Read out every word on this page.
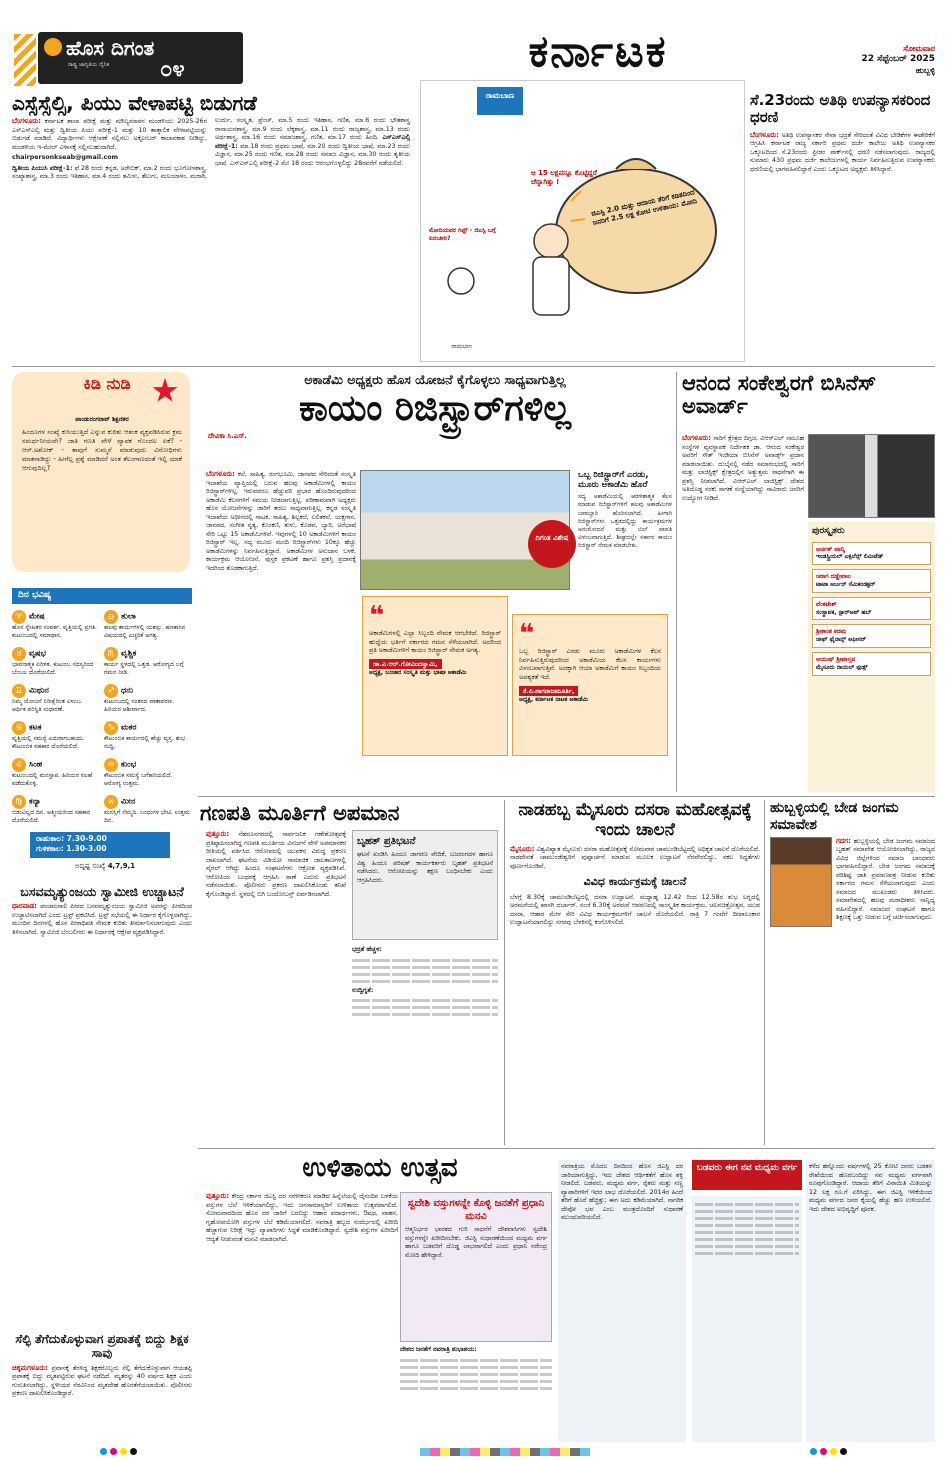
ಹೊಸ ದಿಗಂತ
ರಾಷ್ಟ್ರ ಜಾಗೃತಿಯ ದೈನಿಕ ೦೪	ಕರ್ನಾಟಕ	ಸೋಮವಾರ
22 ಸೆಪ್ಟೆಂಬರ್ 2025
ಹುಬ್ಬಳ್ಳಿ
ಎಸ್ಸೆಸ್ಸೆಲ್ಸಿ, ಪಿಯು ವೇಳಾಪಟ್ಟಿ ಬಿಡುಗಡೆ
ಬೆಂಗಳೂರು: ಕರ್ನಾಟಕ ಶಾಲಾ ಪರೀಕ್ಷೆ ಮತ್ತು ಮೌಲ್ಯಮಾಪನ ಮಂಡಳಿಯು 2025-26ರ ಎಸ್ಎಸ್ಎಲ್ಸಿ ಮತ್ತು ದ್ವಿತೀಯ ಪಿಯು ಪರೀಕ್ಷೆ-1 ಮತ್ತು 10 ತಾತ್ಕಾಲಿಕ ವೇಳಾಪಟ್ಟಿಯನ್ನು ಬಿಡುಗಡೆ ಮಾಡಿದೆ. ವಿದ್ಯಾರ್ಥಿಗಳು ಆಕ್ಷೇಪಣೆ ಸಲ್ಲಿಸಲು ಅಕ್ಟೋಬರ್ ಕಾಲಾವಕಾಶ ನೀಡಿದ್ದು, ಮಂಡಳಿಯ ಇ-ಮೇಲ್ ವಿಳಾಸಕ್ಕೆ ಸಲ್ಲಿಸಬಹುದಾಗಿದೆ.
chairpersonkseab@gmail.com
ದ್ವಿತೀಯ ಪಿಯುಸಿ ಪರೀಕ್ಷೆ-1: ಫೆ.28 ರಂದು ಕನ್ನಡ, ಅರೇಬಿಕ್, ಮಾ.2 ರಂದು ಭೂಗೋಳಶಾಸ್ತ್ರ, ಸಂಖ್ಯಾಶಾಸ್ತ್ರ, ಮಾ.3 ರಂದು ಇತಿಹಾಸ, ಮಾ.4 ರಂದು ತಮಿಳು, ತೆಲುಗು, ಮಲಯಾಳಂ, ಮರಾಠಿ, ಉರ್ದು, ಸಂಸ್ಕೃತ, ಫ್ರೆಂಚ್, ಮಾ.5 ರಂದು ಇತಿಹಾಸ, ಗಣಿತ, ಮಾ.6 ರಂದು ಭೌತಶಾಸ್ತ್ರ ರಾಸಾಯನಶಾಸ್ತ್ರ, ಮಾ.9 ರಂದು ಲೆಕ್ಕಶಾಸ್ತ್ರ, ಮಾ.11 ರಂದು ರಾಜ್ಯಶಾಸ್ತ್ರ, ಮಾ.13 ರಂದು ಅರ್ಥಶಾಸ್ತ್ರ, ಮಾ.16 ರಂದು ಸಮಾಜಶಾಸ್ತ್ರ, ಗಣಿತ, ಮಾ.17 ರಂದು ಹಿಂದಿ. ಎಸ್ಎಸ್ಎಲ್ಸಿ ಪರೀಕ್ಷೆ-1: ಮಾ.18 ರಂದು ಪ್ರಥಮ ಭಾಷೆ, ಮಾ.20 ರಂದು ದ್ವಿತೀಯ ಭಾಷೆ, ಮಾ.23 ರಂದು ವಿಜ್ಞಾನ, ಮಾ.25 ರಂದು ಗಣಿತ, ಮಾ.28 ರಂದು ಸಮಾಜ ವಿಜ್ಞಾನ, ಮಾ.30 ರಂದು ತೃತೀಯ ಭಾಷೆ. ಎಸ್ಎಸ್ಎಲ್ಸಿ ಪರೀಕ್ಷೆ-2 ಮೇ 18 ರಂದು ಆರಂಭಗೊಳ್ಳಲಿದ್ದು 28ರವರೆಗೆ ನಡೆಯಲಿದೆ.
ರಾಮಬಾಣ
ಜಿಎಸ್ಟಿ 2.0 ಮತ್ತು ಆದಾಯ ತೆರಿಗೆ ಕಡಿತದಿಂದ ಜನರಿಗೆ 2.5 ಲಕ್ಷ ಕೋಟಿ ಉಳಿತಾಯ: ಮೋದಿ
ಆ 15 ಲಕ್ಷವನ್ನೂ ಕೊಟ್ಟಿದ್ದರೆ ಚೆನ್ನಾಗಿತ್ತು !
ಮೋದಿಯವರ ಗಿಫ್ಟ್ - ಜಿಎಸ್ಟಿ ಬಗ್ಗೆ ಏನಂತೀರಿ?
ರಾಮಬಾಣ
ಸೆ.23ರಂದು ಅತಿಥಿ ಉಪನ್ಯಾಸಕರಿಂದ ಧರಣಿ
ಬೆಂಗಳೂರು: ಅತಿಥಿ ಉಪನ್ಯಾಸಕರ ಸೇವಾ ಭದ್ರತೆ ಸೇರಿದಂತೆ ವಿವಿಧ ಬೇಡಿಕೆಗಳ ಈಡೇರಿಕೆಗೆ ಆಗ್ರಹಿಸಿ ಕರ್ನಾಟಕ ರಾಜ್ಯ ಸರ್ಕಾರಿ ಪ್ರಥಮ ದರ್ಜೆ ಕಾಲೇಜು ಅತಿಥಿ ಉಪನ್ಯಾಸಕರ ಒಕ್ಕೂಟದಿಂದ ಸೆ.23ರಂದು ಫ್ರೀಡಂ ಪಾರ್ಕ್‌ನಲ್ಲಿ ಧರಣಿ ನಡೆಸಲಾಗುವುದು. ರಾಜ್ಯದಲ್ಲಿ ಸುಮಾರು 430 ಪ್ರಥಮ ದರ್ಜೆ ಕಾಲೇಜುಗಳಲ್ಲಿ ಕಾರ್ಯ ನಿರ್ವಹಿಸುತ್ತಿರುವ ಉಪನ್ಯಾಸಕರು ಧರಣಿಯಲ್ಲಿ ಭಾಗವಹಿಸಲಿದ್ದಾರೆ ಎಂದು ಒಕ್ಕೂಟದ ಅಧ್ಯಕ್ಷರು ತಿಳಿಸಿದ್ದಾರೆ.
ಕಿಡಿ ನುಡಿ
ಪಾಂಡುರಂಗರಾವ್ ಶಿಕ್ಷಣಿಕರ
ಹಿಂದೂಗಳ ಸಂಖ್ಯೆ ಕುಸಿಯುತ್ತಿದೆ ಎನ್ನುವ ಕುರಿತು ಆತಂಕ ವ್ಯಕ್ತಪಡಿಸಿರುವ ಕ್ರಮ ಸಮರ್ಥನೀಯವೇ? ಜಾತಿ ಗಣತಿ ವೇಳೆ ವ್ಯಾಪಕ ಗೊಂದಲ ಏಕೆ? - ಆರ್.ಅಶೋಕ್ - ತಾವುಗೆ ಸುಮ್ಮನೆ ಮಾಡುವುದು ವಿರೋಧಿಗಳು ಮಾತನಾಡಿದ್ದು - ಹೀಗೆಲ್ಲ ಪ್ರಶ್ನೆ ಮಾಡಿದರೆ ಅಂತ ತೆಲಂಗಾಣದಂತೆ ಇಲ್ಲಿ ಯಾಕೆ ಆಗುವುದಿಲ್ಲ?
ದಿನ ಭವಿಷ್ಯ
♈ ಮೇಷ
ಹೊಸ ಸ್ನೇಹಿತರ ಸಂಪರ್ಕ. ವೃತ್ತಿಯಲ್ಲಿ ಪ್ರಗತಿ. ಕುಟುಂಬದಲ್ಲಿ ಸಮಾಧಾನ.
♎ ತುಲಾ
ಹಲವು ಕಾರ್ಯಗಳಲ್ಲಿ ಯಶಸ್ಸು. ಹಣಕಾಸಿನ ವಿಷಯದಲ್ಲಿ ಎಚ್ಚರಿಕೆ ಅಗತ್ಯ.
♉ ವೃಷಭ
ಭಾವನಾತ್ಮಕ ಏರಿಳಿತ. ಕುಟುಂಬ ಸದಸ್ಯರಿಂದ ಬೆಂಬಲ ದೊರೆಯಲಿದೆ.
♏ ವೃಶ್ಚಿಕ
ಕಾರ್ಯ ಸ್ಥಳದಲ್ಲಿ ಒತ್ತಡ. ಆರೋಗ್ಯದ ಬಗ್ಗೆ ಗಮನ ನೀಡಿ.
♊ ಮಿಥುನ
ನಿಮ್ಮ ಯೋಜನೆ ನಿರೀಕ್ಷೆಗಿಂತ ವಿಳಂಬ. ಆರ್ಥಿಕ ಪರಿಸ್ಥಿತಿ ಸುಧಾರಣೆ.
♐ ಧನು
ಕುಟುಂಬದಲ್ಲಿ ಸಂತಸದ ವಾತಾವರಣ. ಹಿರಿಯರ ಆಶೀರ್ವಾದ.
♋ ಕಟಕ
ವೃತ್ತಿಯಲ್ಲಿ ಸಮಸ್ಯೆ ಎದುರಾಗಬಹುದು. ಕೌಟುಂಬಿಕ ಸಹಕಾರ ದೊರೆಯಲಿದೆ.
♑ ಮಕರ
ಕೌಟುಂಬಿಕ ಕಾರ್ಯದಲ್ಲಿ ಹೆಚ್ಚು ವ್ಯಸ್ತ. ಶುಭ ಸುದ್ದಿ.
♌ ಸಿಂಹ
ಕುಟುಂಬದಲ್ಲಿ ಮನಸ್ತಾಪ. ಹಿರಿಯರ ಸಲಹೆ ಪಡೆದುಕೊಳ್ಳಿ.
♒ ಕುಂಭ
ಕೌಟುಂಬಿಕ ಸಮಸ್ಯೆ ಬಗೆಹರಿಯಲಿದೆ. ಆರೋಗ್ಯ ಉತ್ತಮ.
♍ ಕನ್ಯಾ
ಬಿಡುವಿಲ್ಲದ ದಿನ. ಆತ್ಮೀಯರಿಂದ ಸಹಕಾರ ದೊರೆಯಲಿದೆ.
♓ ಮೀನ
ಮನಸ್ಸಿಗೆ ನೆಮ್ಮದಿ. ಬಂಧುಗಳ ಭೇಟಿ. ಉತ್ತಮ ದಿನ.
ರಾಹುಕಾಲ: 7.30-9.00
ಗುಳಿಕಕಾಲ: 1.30-3.00
ಅದೃಷ್ಟ ಸಂಖ್ಯೆ 4,7,9,1
ಅಕಾಡೆಮಿ ಅಧ್ಯಕ್ಷರು ಹೊಸ ಯೋಜನೆ ಕೈಗೊಳ್ಳಲು ಸಾಧ್ಯವಾಗುತ್ತಿಲ್ಲ
ಕಾಯಂ ರಿಜಿಸ್ಟ್ರಾರ್‌ಗಳಿಲ್ಲ
ದೇವಿಕಾ ಸಿ.ಎಸ್.
ಬೆಂಗಳೂರು: ಕಲೆ, ಸಾಹಿತ್ಯ, ರಂಗಭೂಮಿ, ಜಾನಪದ ಸೇರಿದಂತೆ ಸಂಸ್ಕೃತಿ ಇಲಾಖೆಯ ವ್ಯಾಪ್ತಿಯಲ್ಲಿ ಬರುವ ಹಲವು ಅಕಾಡೆಮಿಗಳಲ್ಲಿ ಕಾಯಂ ರಿಜಿಸ್ಟ್ರಾರ್‌ಗಳಿಲ್ಲ. ಇರುವವರೂ ಹೆಚ್ಚುವರಿ ಪ್ರಭಾರ ಹೊಂದಿರುವುದರಿಂದ ಅಕಾಡೆಮಿ ಕೆಲಸಗಳಿಗೆ ಸಮಯ ನೀಡಲಾಗುತ್ತಿಲ್ಲ. ಪರಿಣಾಮವಾಗಿ ಅಧ್ಯಕ್ಷರು ಹೊಸ ಯೋಜನೆಗಳನ್ನು ಜಾರಿಗೆ ತರಲು ಸಾಧ್ಯವಾಗುತ್ತಿಲ್ಲ. ಕನ್ನಡ ಸಂಸ್ಕೃತಿ ಇಲಾಖೆಯ ಅಧೀನದಲ್ಲಿ ನಾಟಕ, ಸಾಹಿತ್ಯ, ಶಿಲ್ಪಕಲೆ, ಲಲಿತಕಲೆ, ಯಕ್ಷಗಾನ, ಜಾನಪದ, ಸಂಗೀತ ನೃತ್ಯ, ಕೊಂಕಣಿ, ತುಳು, ಕೊಡವ, ಬ್ಯಾರಿ, ಅರೆಭಾಷೆ ಸೇರಿ ಒಟ್ಟು 15 ಅಕಾಡೆಮಿಗಳಿವೆ. ಇವುಗಳಲ್ಲಿ 10 ಅಕಾಡೆಮಿಗಳಿಗೆ ಕಾಯಂ ರಿಜಿಸ್ಟ್ರಾರ್ ಇಲ್ಲ. ಸದ್ಯ ಮೂರು ಮಂದಿ ರಿಜಿಸ್ಟ್ರಾರ್‌ಗಳು 10ಕ್ಕೂ ಹೆಚ್ಚು ಅಕಾಡೆಮಿಗಳನ್ನು ನಿರ್ವಹಿಸುತ್ತಿದ್ದಾರೆ. ಅಕಾಡೆಮಿಗಳ ಅನುದಾನ ಬಳಕೆ, ಕಾರ್ಯಕ್ರಮ ಆಯೋಜನೆ, ಪುಸ್ತಕ ಪ್ರಕಟಣೆ ಹಾಗೂ ಪ್ರಶಸ್ತಿ ಪ್ರದಾನಕ್ಕೆ ಇದರಿಂದ ತೊಡಕಾಗುತ್ತಿದೆ.
ದಿಗಂತ ವಿಶೇಷ
❝
ಅಕಾಡೆಮಿಗಳಲ್ಲಿ ಎಲ್ಲಾ ಸಿಬ್ಬಂದಿ ನೇಮಕ ಆಗಬೇಕಿದೆ. ರಿಜಿಸ್ಟ್ರಾರ್ ಹುದ್ದೆಯ ಭರ್ತಿಗೆ ಸರ್ಕಾರದ ಗಮನ ಸೆಳೆಯಲಾಗಿದೆ. ಅದರಿಂದ ಪ್ರತಿ ಅಕಾಡೆಮಿಗಳಿಗೆ ಕಾಯಂ ರಿಜಿಸ್ಟ್ರಾರ್ ನೇಮಕ ಅಗತ್ಯ.
ಡಾ.ಎ.ಆರ್.ಗೋವಿಂದಸ್ವಾಮಿ,
ಅಧ್ಯಕ್ಷ, ಬಂಜಾರ ಸಂಸ್ಕೃತಿ ಮತ್ತು ಭಾಷಾ ಅಕಾಡೆಮಿ
❝
ಒಬ್ಬ ರಿಜಿಸ್ಟ್ರಾರ್ ಎರಡು ಮೂರು ಅಕಾಡೆಮಿಗಳ ಕೆಲಸ ನಿರ್ವಹಿಸುತ್ತಿರುವುದರಿಂದ ಅಕಾಡೆಮಿಯ ಕೆಲಸ ಕಾರ್ಯಗಳು ವಿಳಂಬವಾಗುತ್ತಿವೆ. ಅದಕ್ಕಾಗಿ ಆಯಾ ಅಕಾಡೆಮಿಗೆ ಕಾಯಂ ಸಿಬ್ಬಂದಿಯ ಅವಶ್ಯಕತೆ ಇದೆ.
ಕೆ.ಪಿ.ನಾಗರಾಜಮೂರ್ತಿ,
ಅಧ್ಯಕ್ಷ, ಕರ್ನಾಟಕ ನಾಟಕ ಅಕಾಡೆಮಿ
ಒಬ್ಬ ರಿಜಿಸ್ಟ್ರಾರ್‌ಗೆ ಎರಡು, ಮೂರು ಅಕಾಡೆಮಿ ಹೊರೆ
ಸದ್ಯ ಅಕಾಡೆಮಿಯಲ್ಲಿ ಆಡಳಿತಾತ್ಮಕ ಕೆಲಸ ಮಾಡುವ ರಿಜಿಸ್ಟ್ರಾರ್‌ಗಳಿಗೆ ಹಲವು ಅಕಾಡೆಮಿಗಳ ಜವಾಬ್ದಾರಿ ಹೊರಿಸಲಾಗಿದೆ. ಹೀಗಾಗಿ ರಿಜಿಸ್ಟ್ರಾರ್‌ಗಳು ಒತ್ತಡದಲ್ಲಿದ್ದು ಕಾರ್ಯಕ್ರಮಗಳ ಅನುಮೋದನೆ ಮತ್ತು ಬಿಲ್ ಪಾವತಿ ವಿಳಂಬವಾಗುತ್ತಿದೆ. ಶೀಘ್ರದಲ್ಲೇ ಸರ್ಕಾರ ಕಾಯಂ ರಿಜಿಸ್ಟ್ರಾರ್ ನೇಮಕ ಮಾಡಬೇಕು.
ಆನಂದ ಸಂಕೇಶ್ವರಗೆ ಬಿಸಿನೆಸ್ ಅವಾರ್ಡ್
ಬೆಂಗಳೂರು: ಸಾರಿಗೆ ಕ್ಷೇತ್ರದ ದಿಗ್ಗಜ, ವಿಆರ್‌ಎಲ್ ಸಮೂಹ ಸಂಸ್ಥೆಗಳ ವ್ಯವಸ್ಥಾಪಕ ನಿರ್ದೇಶಕ ಡಾ. ಆನಂದ ಸಂಕೇಶ್ವರ ಅವರಿಗೆ ಸೌತ್ ಇಂಡಿಯಾ ಬಿಸಿನೆಸ್ ಅವಾರ್ಡ್ಸ್ ಪ್ರದಾನ ಮಾಡಲಾಯಿತು. ದುಬೈನಲ್ಲಿ ನಡೆದ ಸಮಾರಂಭದಲ್ಲಿ ಸಾರಿಗೆ ಮತ್ತು ಲಾಜಿಸ್ಟಿಕ್ಸ್ ಕ್ಷೇತ್ರದಲ್ಲಿನ ಅತ್ಯುತ್ತಮ ಸಾಧನೆಗಾಗಿ ಈ ಪ್ರಶಸ್ತಿ ನೀಡಲಾಗಿದೆ. ವಿಆರ್‌ಎಲ್ ಲಾಜಿಸ್ಟಿಕ್ಸ್ ದೇಶದ ಅತಿದೊಡ್ಡ ಸರಕು ಸಾಗಣೆ ಸಂಸ್ಥೆಯಾಗಿದ್ದು ಸಾವಿರಾರು ಜನರಿಗೆ ಉದ್ಯೋಗ ನೀಡಿದೆ.
ಪುರಸ್ಕೃತರು
ಆರ್ಚಿತ್ ಪಾಲ್ಕಿ
ಇಂಡಸ್ಟ್ರಿಯಲ್ ಎಕ್ಸಲೆನ್ಸ್ ಲಿಮಿಟೆಡ್
ಚಿರಾಗ ದಡ್ಡೇವಾಲ
ಟಾಟಾ ಅರ್ಬನ್ ಸೆಮಿಕಂಡಕ್ಟರ್
ವೆಂಕಟೇಶ್
ಸಂಸ್ಥಾಪಕ, ಸ್ಟಾರ್‌ಅಪ್ ಹಬ್
ಶ್ರೀಕಾಂತ ಕದಮ
ಚೀಫ್ ಫೈನಾನ್ಸ್ ಆಫೀಸರ್
ಆಯುಷ್ ಶ್ರೀವಾಸ್ತವ
ಮೈಸೂರು ರಾಯಲ್ ಫುಡ್ಸ್
ಗಣಪತಿ ಮೂರ್ತಿಗೆ ಅಪಮಾನ
ಪುತ್ತೂರು: ನೆಹರೂನಗರದಲ್ಲಿ ಸಾರ್ವಜನಿಕ ಗಣೇಶೋತ್ಸವಕ್ಕೆ ಪ್ರತಿಷ್ಠಾಪಿಸಲಾಗಿದ್ದ ಗಣಪತಿ ಮೂರ್ತಿಯ ವಿಸರ್ಜನೆ ವೇಳೆ ಅಪಮಾನಕರ ರೀತಿಯಲ್ಲಿ ವರ್ತಿಸಿದ ಆರೋಪದಲ್ಲಿ ಯುವಕನ ವಿರುದ್ಧ ಪ್ರಕರಣ ದಾಖಲಾಗಿದೆ. ಘಟನೆಯ ವಿಡಿಯೋ ಸಾಮಾಜಿಕ ಜಾಲತಾಣಗಳಲ್ಲಿ ವೈರಲ್ ಆಗಿದ್ದು ಹಿಂದೂ ಸಂಘಟನೆಗಳು ಆಕ್ರೋಶ ವ್ಯಕ್ತಪಡಿಸಿವೆ. ಆರೋಪಿಯ ಬಂಧನಕ್ಕೆ ಆಗ್ರಹಿಸಿ ಠಾಣೆ ಎದುರು ಪ್ರತಿಭಟನೆ ನಡೆಸಲಾಯಿತು. ಪೊಲೀಸರು ಪ್ರಕರಣ ದಾಖಲಿಸಿಕೊಂಡು ತನಿಖೆ ಕೈಗೊಂಡಿದ್ದಾರೆ. ಸ್ಥಳದಲ್ಲಿ ಬಿಗಿ ಬಂದೋಬಸ್ತ್ ಏರ್ಪಡಿಸಲಾಗಿದೆ.
ಬೃಹತ್ ಪ್ರತಿಭಟನೆ
ಘಟನೆ ಖಂಡಿಸಿ ಹಿಂದೂ ಜಾಗರಣ ವೇದಿಕೆ, ಬಜರಂಗದಳ ಹಾಗೂ ವಿಶ್ವ ಹಿಂದೂ ಪರಿಷತ್ ಕಾರ್ಯಕರ್ತರು ಬೃಹತ್ ಪ್ರತಿಭಟನೆ ನಡೆಸಿದರು. ಆರೋಪಿಯನ್ನು ತಕ್ಷಣ ಬಂಧಿಸಬೇಕು ಎಂದು ಆಗ್ರಹಿಸಿದರು.
ಭದ್ರತೆ ಹೆಚ್ಚಳ:
ಉದ್ವಿಗ್ನತೆ:
ನಾಡಹಬ್ಬ ಮೈಸೂರು ದಸರಾ ಮಹೋತ್ಸವಕ್ಕೆ ಇಂದು ಚಾಲನೆ
ಮೈಸೂರು: ವಿಶ್ವವಿಖ್ಯಾತ ಮೈಸೂರು ದಸರಾ ಮಹೋತ್ಸವಕ್ಕೆ ಸೋಮವಾರ ಚಾಮುಂಡಿಬೆಟ್ಟದಲ್ಲಿ ಅಧಿಕೃತ ಚಾಲನೆ ದೊರೆಯಲಿದೆ. ನಾಡದೇವತೆ ಚಾಮುಂಡೇಶ್ವರಿಗೆ ಪುಷ್ಪಾರ್ಚನೆ ಮಾಡುವ ಮೂಲಕ ಉದ್ಘಾಟನೆ ನೆರವೇರಲಿದ್ದು, ಸಕಲ ಸಿದ್ಧತೆಗಳು ಪೂರ್ಣಗೊಂಡಿವೆ.
ವಿವಿಧ ಕಾರ್ಯಕ್ರಮಕ್ಕೆ ಚಾಲನೆ
ಬೆಳಗ್ಗೆ 8.30ಕ್ಕೆ ಚಾಮುಂಡಿಬೆಟ್ಟದಲ್ಲಿ ದಸರಾ ಉದ್ಘಾಟನೆ. ಮಧ್ಯಾಹ್ನ 12.42 ರಿಂದ 12.58ರ ಶುಭ ಲಗ್ನದಲ್ಲಿ ಅರಮನೆಯಲ್ಲಿ ಖಾಸಗಿ ದರ್ಬಾರ್. ಸಂಜೆ 6.30ಕ್ಕೆ ಅರಮನೆ ಆವರಣದಲ್ಲಿ ಸಾಂಸ್ಕೃತಿಕ ಕಾರ್ಯಕ್ರಮ, ಚಲನಚಿತ್ರೋತ್ಸವ, ಯುವ ದಸರಾ, ಆಹಾರ ಮೇಳ ಸೇರಿ ವಿವಿಧ ಕಾರ್ಯಕ್ರಮಗಳಿಗೆ ಚಾಲನೆ ದೊರೆಯಲಿದೆ. ರಾತ್ರಿ 7 ಗಂಟೆಗೆ ದೀಪಾಲಂಕಾರ ಉದ್ಘಾಟನೆಯಾಗಲಿದ್ದು ನಗರವು ಬೆಳಕಿನಲ್ಲಿ ಕಂಗೊಳಿಸಲಿದೆ.
ಹುಬ್ಬಳ್ಳಿಯಲ್ಲಿ ಬೇಡ ಜಂಗಮ ಸಮಾವೇಶ
ಗದಗ: ಹುಬ್ಬಳ್ಳಿಯಲ್ಲಿ ಬೇಡ ಜಂಗಮ ಸಮಾಜದ ಬೃಹತ್ ಸಮಾವೇಶ ಆಯೋಜಿಸಲಾಗಿದ್ದು, ರಾಜ್ಯದ ವಿವಿಧ ಜಿಲ್ಲೆಗಳಿಂದ ಸಮಾಜ ಬಾಂಧವರು ಭಾಗವಹಿಸಲಿದ್ದಾರೆ. ಬೇಡ ಜಂಗಮ ಸಮಾಜಕ್ಕೆ ಪರಿಶಿಷ್ಟ ಜಾತಿ ಪ್ರಮಾಣಪತ್ರ ನೀಡುವ ಕುರಿತು ಸರ್ಕಾರದ ಗಮನ ಸೆಳೆಯಲಾಗುವುದು ಎಂದು ಸಮಾಜದ ಮುಖಂಡರು ತಿಳಿಸಿದರು. ಸಮಾವೇಶದಲ್ಲಿ ಹಲವು ಮಠಾಧೀಶರು ಸಾನ್ನಿಧ್ಯ ವಹಿಸಲಿದ್ದಾರೆ. ಸಮಾಜದ ಸಂಘಟನೆ ಹಾಗೂ ಶಿಕ್ಷಣಕ್ಕೆ ಒತ್ತು ನೀಡುವ ಬಗ್ಗೆ ಚರ್ಚಿಸಲಾಗುವುದು.
ಬಸವಮೃತ್ಯುಂಜಯ ಸ್ವಾಮೀಜಿ ಉಚ್ಚಾಟನೆ
ಧಾರವಾಡ: ಪಂಚಮಸಾಲಿ ಪೀಠದ ಬಸವಮೃತ್ಯುಂಜಯ ಸ್ವಾಮೀಜಿ ಅವರನ್ನು ಪೀಠದಿಂದ ಉಚ್ಚಾಟಿಸಲಾಗಿದೆ ಎಂದು ಟ್ರಸ್ಟ್ ಪ್ರಕಟಿಸಿದೆ. ಟ್ರಸ್ಟ್ ಸಭೆಯಲ್ಲಿ ಈ ನಿರ್ಧಾರ ಕೈಗೊಳ್ಳಲಾಗಿದ್ದು, ಮುಂದಿನ ದಿನಗಳಲ್ಲಿ ಹೊಸ ಪೀಠಾಧಿಪತಿ ನೇಮಕ ಕುರಿತು ತೀರ್ಮಾನಿಸಲಾಗುವುದು ಎಂದು ತಿಳಿಸಲಾಗಿದೆ. ಸ್ವಾಮೀಜಿ ಬೆಂಬಲಿಗರು ಈ ನಿರ್ಧಾರಕ್ಕೆ ಆಕ್ಷೇಪ ವ್ಯಕ್ತಪಡಿಸಿದ್ದಾರೆ.
ಸೆಲ್ಫಿ ತೆಗೆದುಕೊಳ್ಳುವಾಗ ಪ್ರಪಾತಕ್ಕೆ ಬಿದ್ದು ಶಿಕ್ಷಕ ಸಾವು
ಚಿಕ್ಕಮಗಳೂರು: ಪ್ರವಾಸಕ್ಕೆ ತೆರಳಿದ್ದ ಶಿಕ್ಷಕರೊಬ್ಬರು ಸೆಲ್ಫಿ ತೆಗೆದುಕೊಳ್ಳುವಾಗ ಆಯತಪ್ಪಿ ಪ್ರಪಾತಕ್ಕೆ ಬಿದ್ದು ಮೃತಪಟ್ಟಿರುವ ಘಟನೆ ನಡೆದಿದೆ. ಮೃತರನ್ನು 40 ವರ್ಷದ ಶಿಕ್ಷಕ ಎಂದು ಗುರುತಿಸಲಾಗಿದ್ದು, ಸ್ಥಳೀಯರ ನೆರವಿನಿಂದ ಮೃತದೇಹ ಹೊರತೆಗೆಯಲಾಯಿತು. ಪೊಲೀಸರು ಪ್ರಕರಣ ದಾಖಲಿಸಿಕೊಂಡಿದ್ದಾರೆ.
ಉಳಿತಾಯ ಉತ್ಸವ
ಪುತ್ತೂರು: ಕೇಂದ್ರ ಸರ್ಕಾರ ಜಿಎಸ್ಟಿ ದರ ಸರಳೀಕರಣ ಮಾಡಿದ ಹಿನ್ನೆಲೆಯಲ್ಲಿ ದೈನಂದಿನ ಬಳಕೆಯ ವಸ್ತುಗಳ ಬೆಲೆ ಇಳಿಕೆಯಾಗಲಿದ್ದು, ಇದು ಜನಸಾಮಾನ್ಯರಿಗೆ ಉಳಿತಾಯ ಉತ್ಸವವಾಗಲಿದೆ. ಸೋಮವಾರದಿಂದ ಹೊಸ ದರ ಜಾರಿಗೆ ಬರಲಿದ್ದು ಆಹಾರ ಪದಾರ್ಥಗಳು, ಔಷಧ, ವಾಹನ, ಗೃಹೋಪಯೋಗಿ ವಸ್ತುಗಳ ಬೆಲೆ ಕಡಿಮೆಯಾಗಲಿದೆ. ನವರಾತ್ರಿ ಹಬ್ಬದ ಸಂದರ್ಭದಲ್ಲಿ ಖರೀದಿ ಹೆಚ್ಚಾಗುವ ನಿರೀಕ್ಷೆ ಇದ್ದು ವ್ಯಾಪಾರಿಗಳು ಸಿದ್ಧತೆ ಮಾಡಿಕೊಂಡಿದ್ದಾರೆ. ಸ್ವದೇಶಿ ವಸ್ತುಗಳ ಖರೀದಿಗೆ ಆದ್ಯತೆ ನೀಡುವಂತೆ ಮನವಿ ಮಾಡಲಾಗಿದೆ.
ಸ್ವದೇಶಿ ವಸ್ತುಗಳನ್ನೇ ಕೊಳ್ಳಿ ಜನತೆಗೆ ಪ್ರಧಾನಿ ಮನವಿ
ಆತ್ಮನಿರ್ಭರ ಭಾರತದ ಗುರಿ ಸಾಧನೆಗೆ ದೇಶವಾಸಿಗಳು ಸ್ವದೇಶಿ ವಸ್ತುಗಳನ್ನೇ ಖರೀದಿಸಬೇಕು. ಜಿಎಸ್ಟಿ ಸುಧಾರಣೆಯಿಂದ ಮಧ್ಯಮ ವರ್ಗ ಹಾಗೂ ಬಡವರಿಗೆ ದೊಡ್ಡ ಲಾಭವಾಗಲಿದೆ ಎಂದು ಪ್ರಧಾನಿ ನರೇಂದ್ರ ಮೋದಿ ಹೇಳಿದ್ದಾರೆ.
ದೇಶದ ಜನತೆಗೆ ನವರಾತ್ರಿ ಶುಭಾಶಯ:
ನವರಾತ್ರಿಯ ಮೊದಲ ದಿನದಿಂದ ಹೊಸ ಜಿಎಸ್ಟಿ ದರ ಜಾರಿಯಾಗುತ್ತಿದ್ದು, ಇದು ದೇಶದ ಆರ್ಥಿಕತೆಗೆ ಹೊಸ ಶಕ್ತಿ ನೀಡಲಿದೆ. ಬಡವರು, ಮಧ್ಯಮ ವರ್ಗ, ರೈತರು ಮತ್ತು ಸಣ್ಣ ವ್ಯಾಪಾರಿಗಳಿಗೆ ಇದರ ಲಾಭ ದೊರೆಯಲಿದೆ. 2014ರ ಹಿಂದೆ ತೆರಿಗೆ ಹೊರೆ ಹೆಚ್ಚಿತ್ತು; ಈಗ ಅದು ಕಡಿಮೆಯಾಗಿದೆ. ನಾಗರಿಕ ದೇವೋ ಭವ ಎಂಬ ಮಂತ್ರದೊಂದಿಗೆ ಸುಧಾರಣೆ ಮುಂದುವರಿಯಲಿದೆ.
ಬಡವರು ಈಗ ನವ ಮಧ್ಯಮ ವರ್ಗ	ಕಳೆದ ಹನ್ನೊಂದು ವರ್ಷಗಳಲ್ಲಿ 25 ಕೋಟಿ ಜನರು ಬಡತನ ರೇಖೆಯಿಂದ ಹೊರಬಂದಿದ್ದು ನವ ಮಧ್ಯಮ ವರ್ಗವಾಗಿ ರೂಪುಗೊಂಡಿದ್ದಾರೆ. ಆದಾಯ ತೆರಿಗೆ ವಿನಾಯಿತಿ ಮಿತಿಯನ್ನು 12 ಲಕ್ಷ ರೂ.ಗೆ ಏರಿಸಿದ್ದು, ಈಗ ಜಿಎಸ್ಟಿ ಇಳಿಕೆಯಿಂದ ಮಧ್ಯಮ ವರ್ಗದ ಜನರ ಕೈಯಲ್ಲಿ ಹೆಚ್ಚು ಹಣ ಉಳಿಯಲಿದೆ. ಇದು ದೇಶದ ಅಭಿವೃದ್ಧಿಗೆ ಪೂರಕ.
